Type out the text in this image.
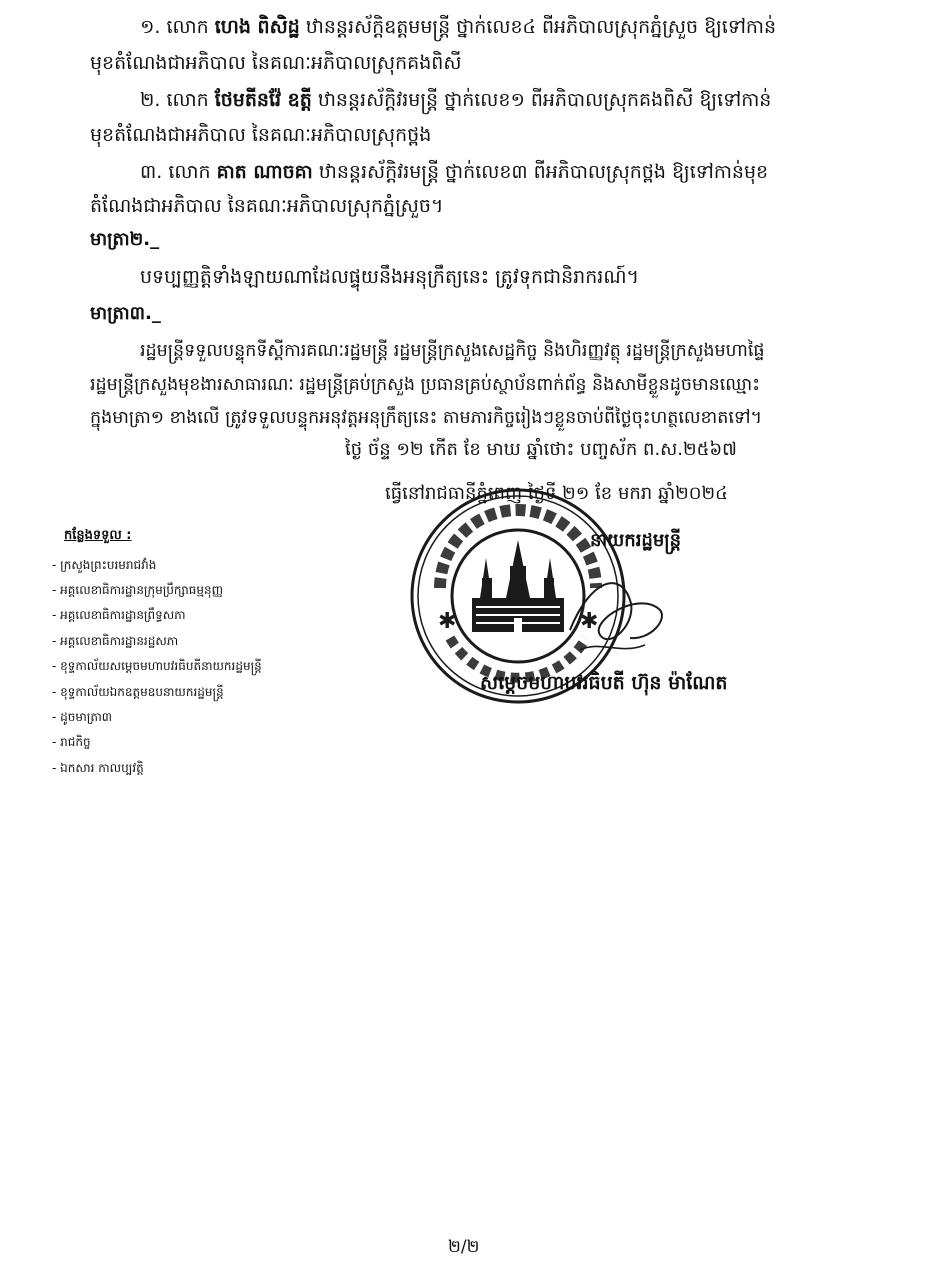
១. លោក ហេង ពិសិដ្ឋ ឋានន្តរស័ក្តិឧត្តមមន្ត្រី ថ្នាក់លេខ៤ ពីអភិបាលស្រុកភ្នំស្រួច ឱ្យទៅកាន់
មុខតំណែងជាអភិបាល នៃគណៈអភិបាលស្រុកគងពិសី
២. លោក ថែមតីនវ៉ែ ឧត្តី ឋានន្តរស័ក្តិវរមន្ត្រី ថ្នាក់លេខ១ ពីអភិបាលស្រុកគងពិសី ឱ្យទៅកាន់
មុខតំណែងជាអភិបាល នៃគណៈអភិបាលស្រុកថ្ពង
៣. លោក គាត ណាចគា ឋានន្តរស័ក្តិវរមន្ត្រី ថ្នាក់លេខ៣ ពីអភិបាលស្រុកថ្ពង ឱ្យទៅកាន់មុខ
តំណែងជាអភិបាល នៃគណៈអភិបាលស្រុកភ្នំស្រួច។
មាត្រា២._
បទប្បញ្ញត្តិទាំងឡាយណាដែលផ្ទុយនឹងអនុក្រឹត្យនេះ ត្រូវទុកជានិរាករណ៍។
មាត្រា៣._
រដ្ឋមន្ត្រីទទួលបន្ទុកទីស្តីការគណៈរដ្ឋមន្ត្រី រដ្ឋមន្ត្រីក្រសួងសេដ្ឋកិច្ច និងហិរញ្ញវត្ថុ រដ្ឋមន្ត្រីក្រសួងមហាផ្ទៃ
រដ្ឋមន្ត្រីក្រសួងមុខងារសាធារណៈ រដ្ឋមន្ត្រីគ្រប់ក្រសួង ប្រធានគ្រប់ស្ថាប័នពាក់ព័ន្ធ និងសាមីខ្លួនដូចមានឈ្មោះ
ក្នុងមាត្រា១ ខាងលើ ត្រូវទទួលបន្ទុកអនុវត្តអនុក្រឹត្យនេះ តាមភារកិច្ចរៀងៗខ្លួនចាប់ពីថ្ងៃចុះហត្ថលេខាតទៅ។
ថ្ងៃ ច័ន្ទ ១២ កើត ខែ មាឃ ឆ្នាំថោះ បញ្ចស័ក ព.ស.២៥៦៧
ធ្វើនៅរាជធានីភ្នំពេញ ថ្ងៃទី ២១ ខែ មករា ឆ្នាំ២០២៤
✱	✱
នាយករដ្ឋមន្ត្រី
សម្តេចមហាបវរធិបតី ហ៊ុន ម៉ាណែត
កន្លែងទទួល :
- ក្រសួងព្រះបរមរាជវាំង
- អគ្គលេខាធិការដ្ឋានក្រុមប្រឹក្សាធម្មនុញ្ញ
- អគ្គលេខាធិការដ្ឋានព្រឹទ្ធសភា
- អគ្គលេខាធិការដ្ឋានរដ្ឋសភា
- ខុទ្ទកាល័យសម្តេចមហាបវរធិបតីនាយករដ្ឋមន្ត្រី
- ខុទ្ទកាល័យឯកឧត្តមឧបនាយករដ្ឋមន្ត្រី
- ដូចមាត្រា៣
- រាជកិច្ច
- ឯកសារ កាលប្បវត្តិ
២/២
